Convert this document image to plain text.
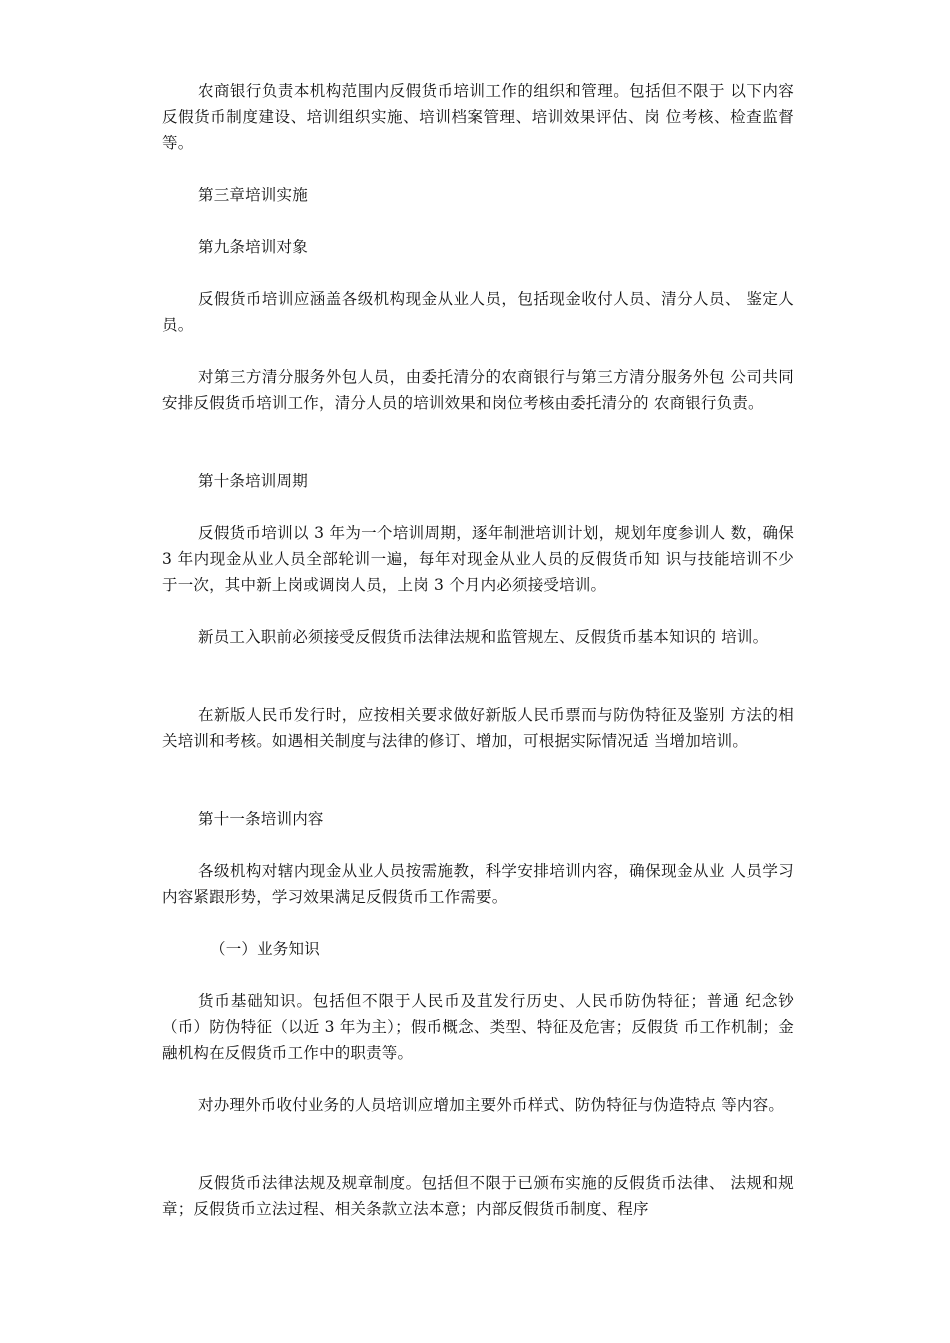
农商银行负责本机构范围内反假货币培训工作的组织和管理。包括但不限于 以下内容反假货币制度建设、培训组织实施、培训档案管理、培训效果评估、岗 位考核、检查监督等。

第三章培训实施

第九条培训对象

反假货币培训应涵盖各级机构现金从业人员，包括现金收付人员、清分人员、 鉴定人员。

对第三方清分服务外包人员，由委托清分的农商银行与第三方清分服务外包 公司共同安排反假货币培训工作，清分人员的培训效果和岗位考核由委托清分的 农商银行负责。

第十条培训周期

反假货币培训以 3 年为一个培训周期，逐年制泄培训计划，规划年度参训人 数，确保 3 年内现金从业人员全部轮训一遍，每年对现金从业人员的反假货币知 识与技能培训不少于一次，其中新上岗或调岗人员，上岗 3 个月内必须接受培训。

新员工入职前必须接受反假货币法律法规和监管规左、反假货币基本知识的 培训。

在新版人民币发行时，应按相关要求做好新版人民币票而与防伪特征及鉴别 方法的相关培训和考核。如遇相关制度与法律的修订、增加，可根据实际情况适 当增加培训。

第十一条培训内容

各级机构对辖内现金从业人员按需施教，科学安排培训内容，确保现金从业 人员学习内容紧跟形势，学习效果满足反假货币工作需要。

（一）业务知识

货币基础知识。包括但不限于人民币及苴发行历史、人民币防伪特征；普通 纪念钞（币）防伪特征（以近 3 年为主）；假币概念、类型、特征及危害；反假货 币工作机制；金融机构在反假货币工作中的职责等。

对办理外币收付业务的人员培训应增加主要外币样式、防伪特征与伪造特点 等内容。

反假货币法律法规及规章制度。包括但不限于已颁布实施的反假货币法律、 法规和规章；反假货币立法过程、相关条款立法本意；内部反假货币制度、程序
